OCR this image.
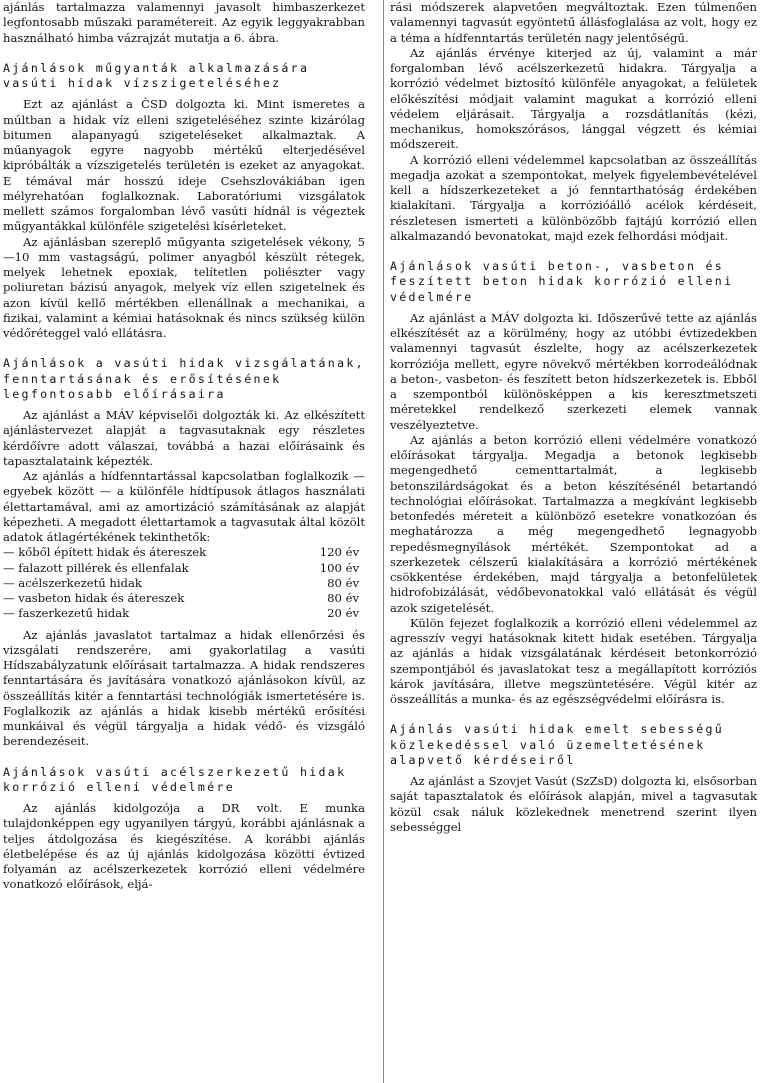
ajánlás tartalmazza valamennyi javasolt himbaszerkezet legfontosabb műszaki paramétereit. Az egyik leggyakrabban használható himba vázrajzát mutatja a 6. ábra.

Ajánlások műgyanták alkalmazására vasúti hidak vízszigeteléséhez

Ezt az ajánlást a ČSD dolgozta ki. Mint ismeretes a múltban a hidak víz elleni szigeteléséhez szinte kizárólag bitumen alapanyagú szigeteléseket alkalmaztak. A műanyagok egyre nagyobb mértékű elterjedésével kipróbálták a vízszigetelés területén is ezeket az anyagokat. E témával már hosszú ideje Csehszlovákiában igen mélyrehatóan foglalkoznak. Laboratóriumi vizsgálatok mellett számos forgalomban lévő vasúti hídnál is végeztek műgyantákkal különféle szigetelési kísérleteket.

Az ajánlásban szereplő műgyanta szigetelések vékony, 5—10 mm vastagságú, polimer anyagból készült rétegek, melyek lehetnek epoxiak, telítetlen poliészter vagy poliuretan bázisú anyagok, melyek víz ellen szigetelnek és azon kívül kellő mértékben ellenállnak a mechanikai, a fizikai, valamint a kémiai hatásoknak és nincs szükség külön védőréteggel való ellátásra.

Ajánlások a vasúti hidak vizsgálatának, fenntartásának és erősítésének legfontosabb előírásaira

Az ajánlást a MÁV képviselői dolgozták ki. Az elkészített ajánlástervezet alapját a tagvasutaknak egy részletes kérdőívre adott válaszai, továbbá a hazai előírásaink és tapasztalataink képezték.

Az ajánlás a hídfenntartással kapcsolatban foglalkozik — egyebek között — a különféle hídtípusok átlagos használati élettartamával, ami az amortizáció számításának az alapját képezheti. A megadott élettartamok a tagvasutak által közölt adatok átlagértékének tekinthetők:

— kőből épített hidak és átereszek	120 év
— falazott pillérek és ellenfalak	100 év
— acélszerkezetű hidak	80 év
— vasbeton hidak és átereszek	80 év
— faszerkezetű hidak	20 év

Az ajánlás javaslatot tartalmaz a hidak ellenőrzési és vizsgálati rendszerére, ami gyakorlatilag a vasúti Hídszabályzatunk előírásait tartalmazza. A hidak rendszeres fenntartására és javítására vonatkozó ajánlásokon kívül, az összeállítás kitér a fenntartási technológiák ismertetésére is. Foglalkozik az ajánlás a hidak kisebb mértékű erősítési munkáival és végül tárgyalja a hidak védő- és vizsgáló berendezéseit.

Ajánlások vasúti acélszerkezetű hidak korrózió elleni védelmére

Az ajánlás kidolgozója a DR volt. E munka tulajdonképpen egy ugyanilyen tárgyú, korábbi ajánlásnak a teljes átdolgozása és kiegészítése. A korábbi ajánlás életbelépése és az új ajánlás kidolgozása közötti évtized folyamán az acélszerkezetek korrózió elleni védelmére vonatkozó előírások, eljá-

rási módszerek alapvetően megváltoztak. Ezen túlmenően valamennyi tagvasút egyöntetű állásfoglalása az volt, hogy ez a téma a hídfenntartás területén nagy jelentőségű.

Az ajánlás érvénye kiterjed az új, valamint a már forgalomban lévő acélszerkezetű hidakra. Tárgyalja a korrózió védelmet biztosító különféle anyagokat, a felületek előkészítési módjait valamint magukat a korrózió elleni védelem eljárásait. Tárgyalja a rozsdátlanítás (kézi, mechanikus, homokszórásos, lánggal végzett és kémiai módszereit.

A korrózió elleni védelemmel kapcsolatban az összeállítás megadja azokat a szempontokat, melyek figyelembevételével kell a hídszerkezeteket a jó fenntarthatóság érdekében kialakítani. Tárgyalja a korrózióálló acélok kérdéseit, részletesen ismerteti a különbözőbb fajtájú korrózió ellen alkalmazandó bevonatokat, majd ezek felhordási módjait.

Ajánlások vasúti beton-, vasbeton és feszített beton hidak korrózió elleni védelmére

Az ajánlást a MÁV dolgozta ki. Időszerűvé tette az ajánlás elkészítését az a körülmény, hogy az utóbbi évtizedekben valamennyi tagvasút észlelte, hogy az acélszerkezetek korróziója mellett, egyre növekvő mértékben korrodeálódnak a beton-, vasbeton- és feszített beton hídszerkezetek is. Ebből a szempontból különösképpen a kis keresztmetszeti méretekkel rendelkező szerkezeti elemek vannak veszélyeztetve.

Az ajánlás a beton korrózió elleni védelmére vonatkozó előírásokat tárgyalja. Megadja a betonok legkisebb megengedhető cementtartalmát, a legkisebb betonszilárdságokat és a beton készítésénél betartandó technológiai előírásokat. Tartalmazza a megkívánt legkisebb betonfedés méreteit a különböző esetekre vonatkozóan és meghatározza a még megengedhető legnagyobb repedésmegnyílások mértékét. Szempontokat ad a szerkezetek célszerű kialakítására a korrózió mértékének csökkentése érdekében, majd tárgyalja a betonfelületek hidrofobizálását, védőbevonatokkal való ellátását és végül azok szigetelését.

Külön fejezet foglalkozik a korrózió elleni védelemmel az agresszív vegyi hatásoknak kitett hidak esetében. Tárgyalja az ajánlás a hidak vizsgálatának kérdéseit betonkorrózió szempontjából és javaslatokat tesz a megállapított korróziós károk javítására, illetve megszüntetésére. Végül kitér az összeállítás a munka- és az egészségvédelmi előírásra is.

Ajánlás vasúti hidak emelt sebességű közlekedéssel való üzemeltetésének alapvető kérdéseiről

Az ajánlást a Szovjet Vasút (SzZsD) dolgozta ki, elsősorban saját tapasztalatok és előírások alapján, mivel a tagvasutak közül csak náluk közlekednek menetrend szerint ilyen sebességgel
